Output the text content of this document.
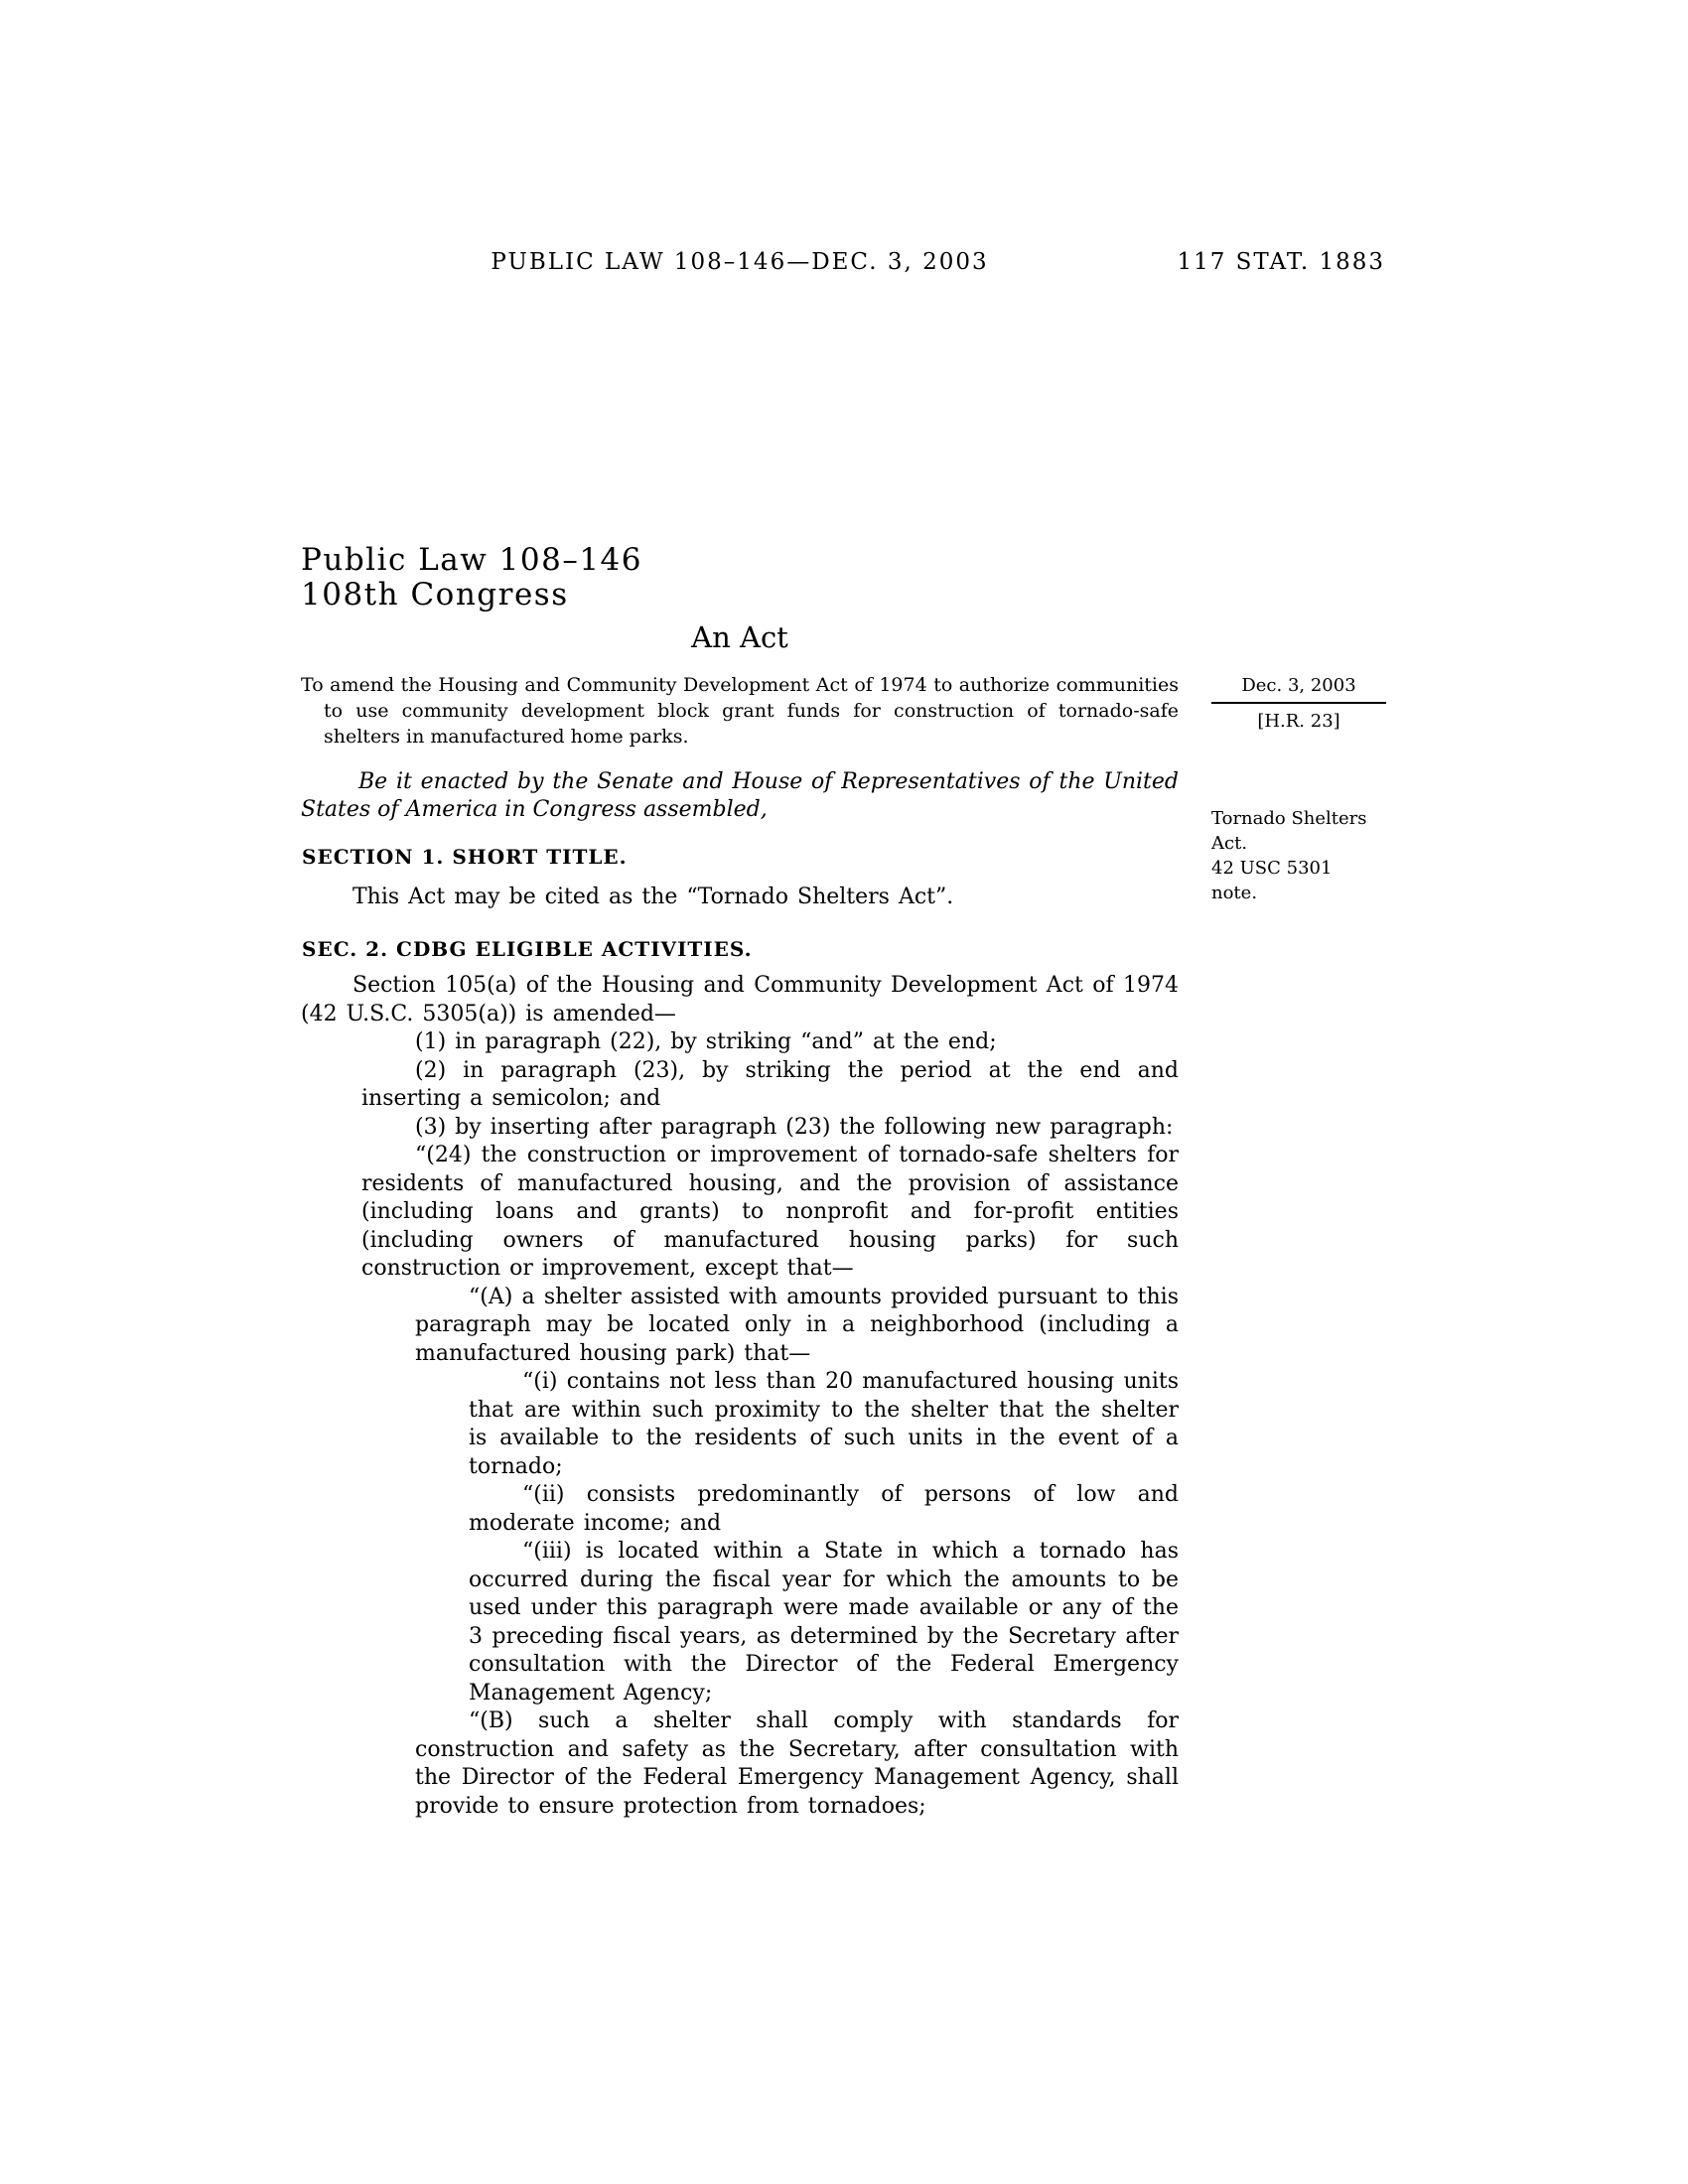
PUBLIC LAW 108–146—DEC. 3, 2003	117 STAT. 1883
Public Law 108–146
108th Congress
An Act

To amend the Housing and Community Development Act of 1974 to authorize communities to use community development block grant funds for construction of tornado-safe shelters in manufactured home parks.

Dec. 3, 2003
[H.R. 23]

Be it enacted by the Senate and House of Representatives of the United States of America in Congress assembled,	Tornado Shelters Act.
42 USC 5301 note.
SECTION 1. SHORT TITLE.

This Act may be cited as the “Tornado Shelters Act”.

SEC. 2. CDBG ELIGIBLE ACTIVITIES.

Section 105(a) of the Housing and Community Development Act of 1974 (42 U.S.C. 5305(a)) is amended—

(1) in paragraph (22), by striking “and” at the end;

(2) in paragraph (23), by striking the period at the end and inserting a semicolon; and

(3) by inserting after paragraph (23) the following new paragraph:

“(24) the construction or improvement of tornado-safe shelters for residents of manufactured housing, and the provision of assistance (including loans and grants) to nonprofit and for-profit entities (including owners of manufactured housing parks) for such construction or improvement, except that—

“(A) a shelter assisted with amounts provided pursuant to this paragraph may be located only in a neighborhood (including a manufactured housing park) that—

“(i) contains not less than 20 manufactured housing units that are within such proximity to the shelter that the shelter is available to the residents of such units in the event of a tornado;

“(ii) consists predominantly of persons of low and moderate income; and

“(iii) is located within a State in which a tornado has occurred during the fiscal year for which the amounts to be used under this paragraph were made available or any of the 3 preceding fiscal years, as determined by the Secretary after consultation with the Director of the Federal Emergency Management Agency;

“(B) such a shelter shall comply with standards for construction and safety as the Secretary, after consultation with the Director of the Federal Emergency Management Agency, shall provide to ensure protection from tornadoes;
